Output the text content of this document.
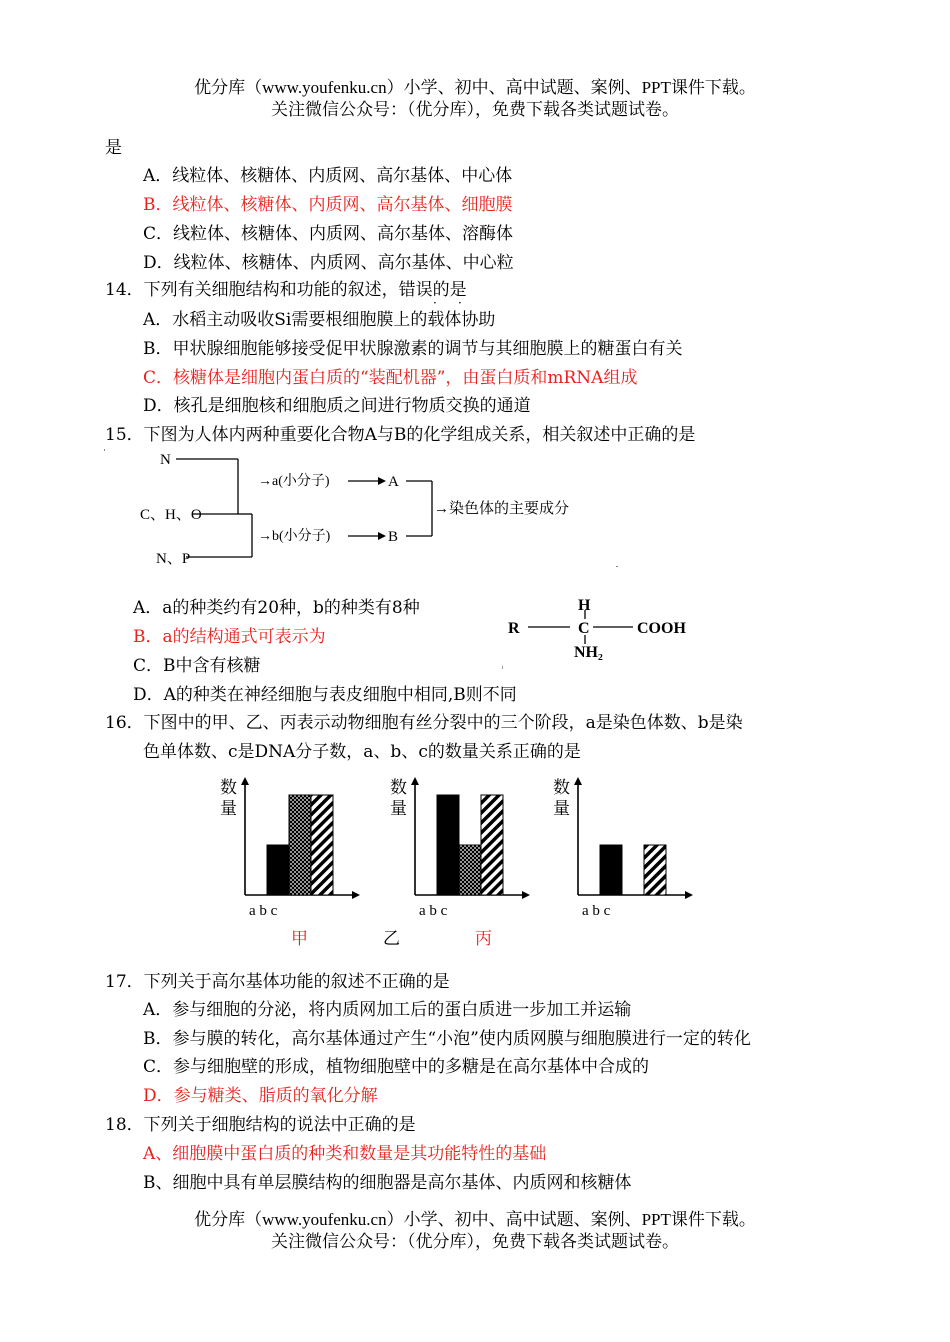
优分库（www.youfenku.cn）小学、初中、高中试题、案例、PPT课件下载。
关注微信公众号：（优分库），免费下载各类试题试卷。
是
A．线粒体、核糖体、内质网、高尔基体、中心体
B．线粒体、核糖体、内质网、高尔基体、细胞膜
C．线粒体、核糖体、内质网、高尔基体、溶酶体
D．线粒体、核糖体、内质网、高尔基体、中心粒
14．下列有关细胞结构和功能的叙述，错误的是
· ·
A．水稻主动吸收Si需要根细胞膜上的载体协助
B．甲状腺细胞能够接受促甲状腺激素的调节与其细胞膜上的糖蛋白有关
C．核糖体是细胞内蛋白质的“装配机器”，由蛋白质和mRNA组成
D．核孔是细胞核和细胞质之间进行物质交换的通道
15．下图为人体内两种重要化合物A与B的化学组成关系，相关叙述中正确的是
N
C、H、O
N、P
→a(小分子)
→b(小分子)
A
B
→染色体的主要成分
A．a的种类约有20种，b的种类有8种
B．a的结构通式可表示为
C．B中含有核糖
D．A的种类在神经细胞与表皮细胞中相同,B则不同
R
H
C	COOH
NH₂
16．下图中的甲、乙、丙表示动物细胞有丝分裂中的三个阶段，a是染色体数、b是染
色单体数、c是DNA分子数，a、b、c的数量关系正确的是
数
量
a b c
数
量
a b c
数
量
a b c
甲	乙	丙
17．下列关于高尔基体功能的叙述不正确的是
A．参与细胞的分泌，将内质网加工后的蛋白质进一步加工并运输
B．参与膜的转化，高尔基体通过产生“小泡”使内质网膜与细胞膜进行一定的转化
C．参与细胞壁的形成，植物细胞壁中的多糖是在高尔基体中合成的
D．参与糖类、脂质的氧化分解
18．下列关于细胞结构的说法中正确的是
A、细胞膜中蛋白质的种类和数量是其功能特性的基础
B、细胞中具有单层膜结构的细胞器是高尔基体、内质网和核糖体
优分库（www.youfenku.cn）小学、初中、高中试题、案例、PPT课件下载。
关注微信公众号：（优分库），免费下载各类试题试卷。
